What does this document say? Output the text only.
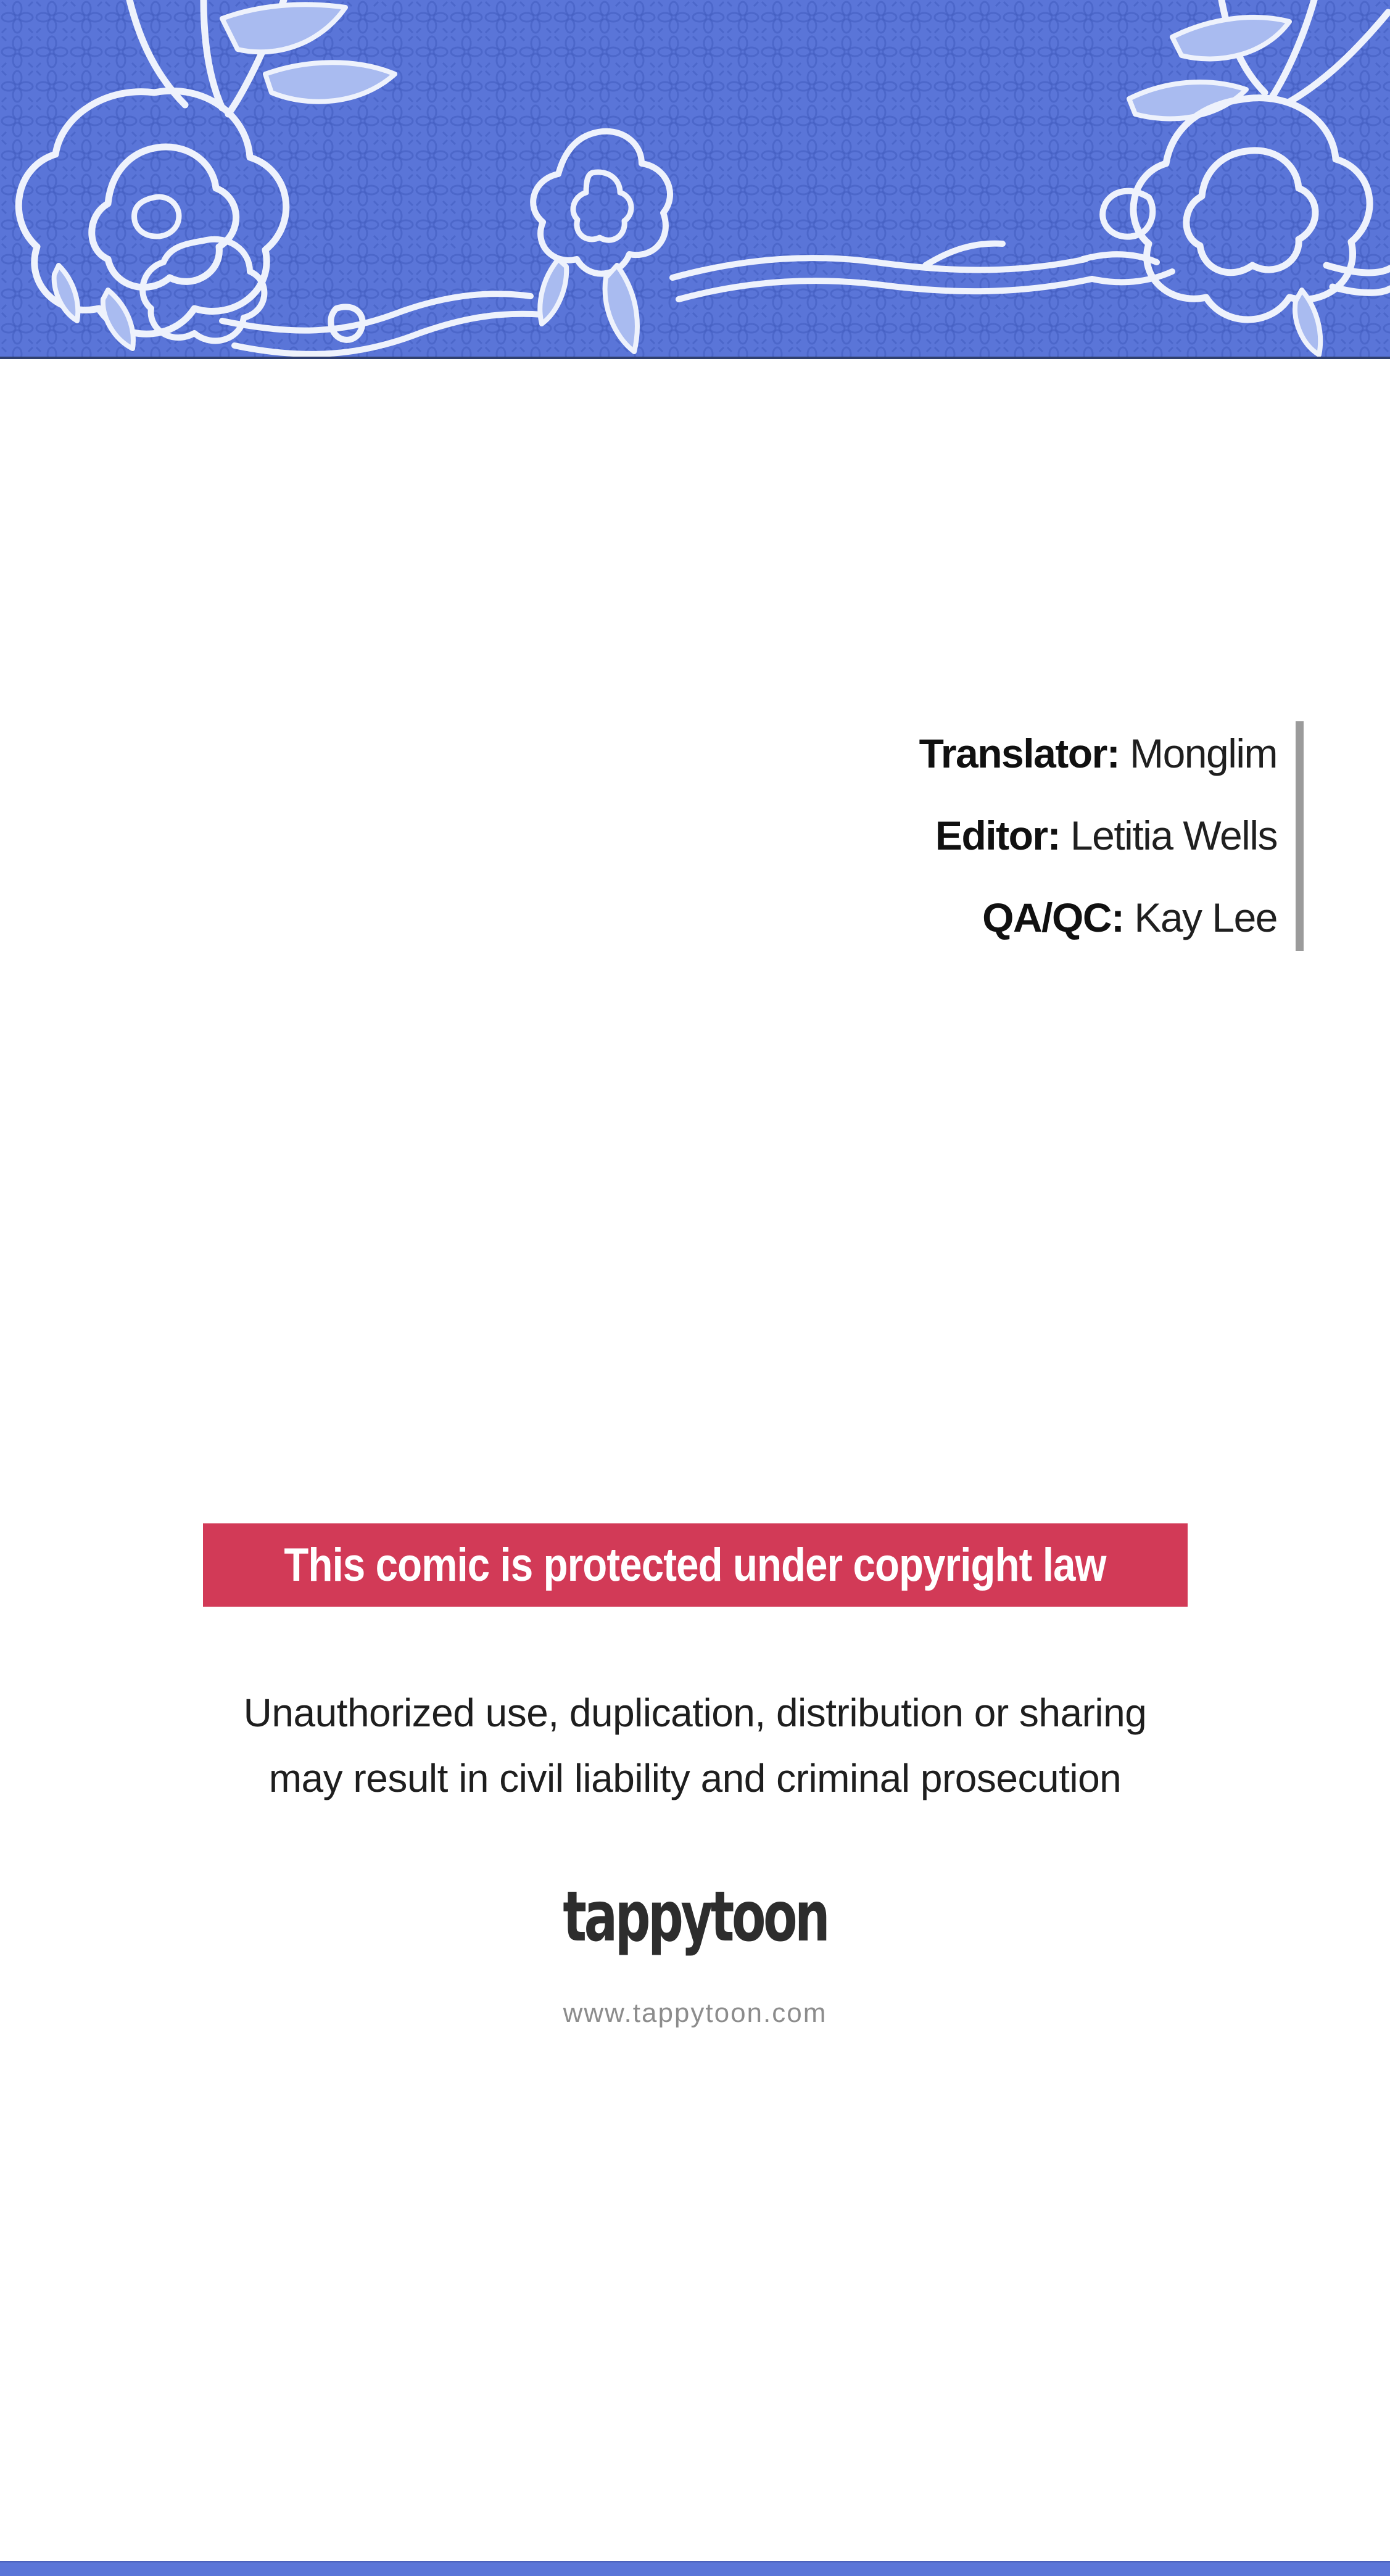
Translator: Monglim
Editor: Letitia Wells
QA/QC: Kay Lee
This comic is protected under copyright law
Unauthorized use, duplication, distribution or sharing
may result in civil liability and criminal prosecution
tappytoon
www.tappytoon.com
